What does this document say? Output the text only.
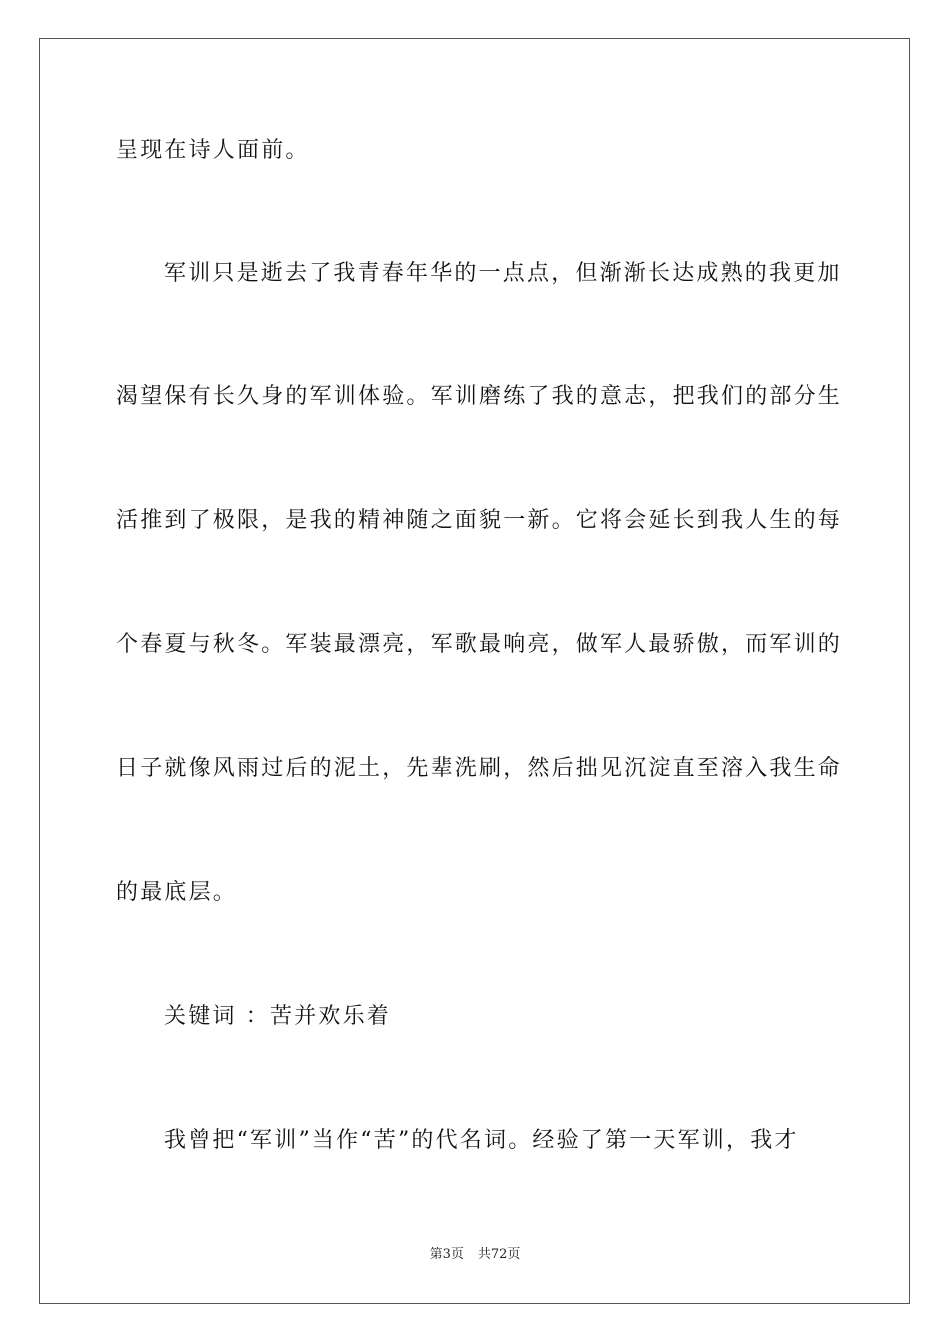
呈现在诗人面前。
军训只是逝去了我青春年华的一点点，但渐渐长达成熟的我更加
渴望保有长久身的军训体验。军训磨练了我的意志，把我们的部分生
活推到了极限，是我的精神随之面貌一新。它将会延长到我人生的每
个春夏与秋冬。军装最漂亮，军歌最响亮，做军人最骄傲，而军训的
日子就像风雨过后的泥土，先辈洗刷，然后拙见沉淀直至溶入我生命
的最底层。
关键词 ：苦并欢乐着
我曾把“军训”当作“苦”的代名词。经验了第一天军训，我才
第3页 共72页
